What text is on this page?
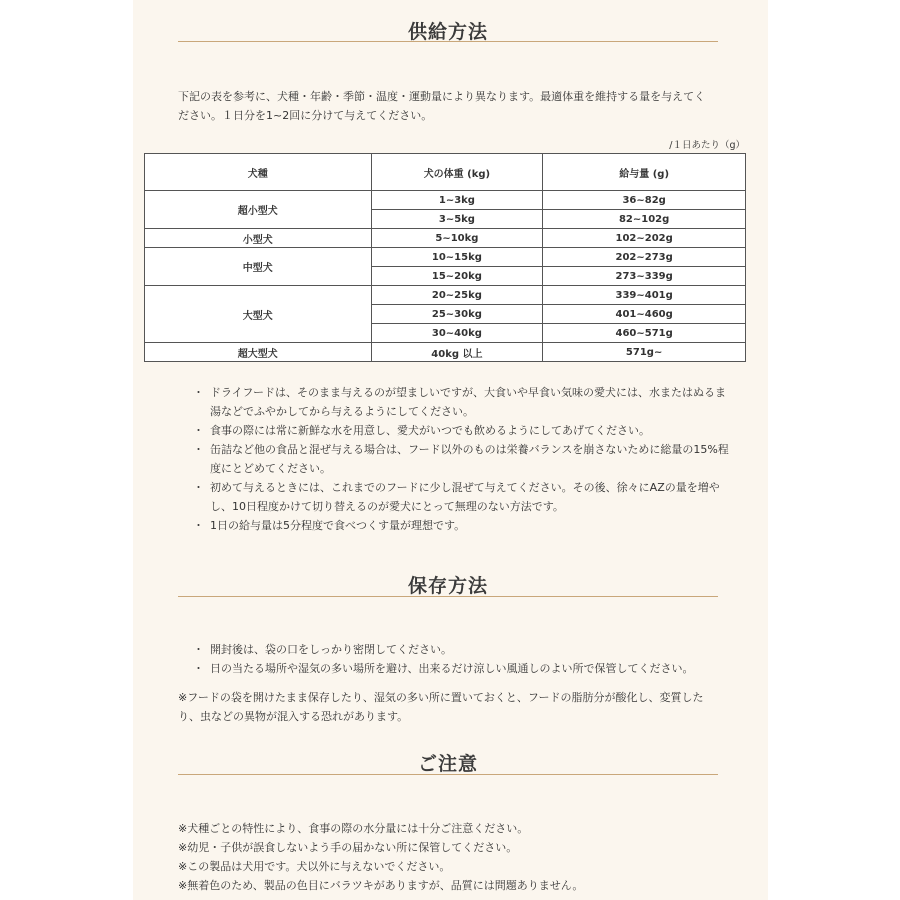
供給方法
下記の表を参考に、犬種・年齢・季節・温度・運動量により異なります。最適体重を維持する量を与えてく
ださい。１日分を1~2回に分けて与えてください。
/１日あたり（g）
犬種	犬の体重 (kg)	給与量 (g)
超小型犬	1~3kg	36~82g
	3~5kg	82~102g
小型犬	5~10kg	102~202g
中型犬	10~15kg	202~273g
	15~20kg	273~339g
大型犬	20~25kg	339~401g
	25~30kg	401~460g
	30~40kg	460~571g
超大型犬	40kg 以上	571g~
・ ドライフードは、そのまま与えるのが望ましいですが、大食いや早食い気味の愛犬には、水またはぬるま湯などでふやかしてから与えるようにしてください。
・ 食事の際には常に新鮮な水を用意し、愛犬がいつでも飲めるようにしてあげてください。
・ 缶詰など他の食品と混ぜ与える場合は、フード以外のものは栄養バランスを崩さないために総量の15%程度にとどめてください。
・ 初めて与えるときには、これまでのフードに少し混ぜて与えてください。その後、徐々にAZの量を増やし、10日程度かけて切り替えるのが愛犬にとって無理のない方法です。
・ 1日の給与量は5分程度で食べつくす量が理想です。
保存方法
・ 開封後は、袋の口をしっかり密閉してください。
・ 日の当たる場所や湿気の多い場所を避け、出来るだけ涼しい風通しのよい所で保管してください。
※フードの袋を開けたまま保存したり、湿気の多い所に置いておくと、フードの脂肪分が酸化し、変質した
り、虫などの異物が混入する恐れがあります。
ご注意
※犬種ごとの特性により、食事の際の水分量には十分ご注意ください。
※幼児・子供が誤食しないよう手の届かない所に保管してください。
※この製品は犬用です。犬以外に与えないでください。
※無着色のため、製品の色目にバラツキがありますが、品質には問題ありません。
